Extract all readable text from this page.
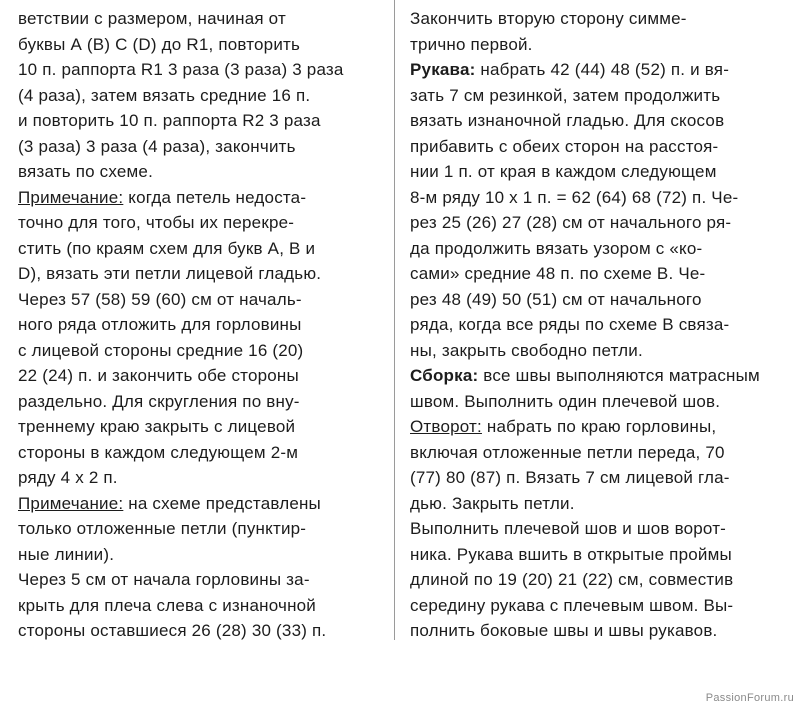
ветствии с размером, начиная от
буквы А (В) С (D) до R1, повторить
10 п. раппорта R1 3 раза (3 раза) 3 раза
(4 раза), затем вязать средние 16 п.
и повторить 10 п. раппорта R2 3 раза
(3 раза) 3 раза (4 раза), закончить
вязать по схеме.
Примечание: когда петель недоста-
точно для того, чтобы их перекре-
стить (по краям схем для букв А, В и
D), вязать эти петли лицевой гладью.
Через 57 (58) 59 (60) см от началь-
ного ряда отложить для горловины
с лицевой стороны средние 16 (20)
22 (24) п. и закончить обе стороны
раздельно. Для скругления по вну-
треннему краю закрыть с лицевой
стороны в каждом следующем 2-м
ряду 4 х 2 п.
Примечание: на схеме представлены
только отложенные петли (пунктир-
ные линии).
Через 5 см от начала горловины за-
крыть для плеча слева с изнаночной
стороны оставшиеся 26 (28) 30 (33) п.
Закончить вторую сторону симме-
трично первой.
Рукава: набрать 42 (44) 48 (52) п. и вя-
зать 7 см резинкой, затем продолжить
вязать изнаночной гладью. Для скосов
прибавить с обеих сторон на расстоя-
нии 1 п. от края в каждом следующем
8-м ряду 10 х 1 п. = 62 (64) 68 (72) п. Че-
рез 25 (26) 27 (28) см от начального ря-
да продолжить вязать узором с «ко-
сами» средние 48 п. по схеме В. Че-
рез 48 (49) 50 (51) см от начального
ряда, когда все ряды по схеме В связа-
ны, закрыть свободно петли.
Сборка: все швы выполняются матрасным
швом. Выполнить один плечевой шов.
Отворот: набрать по краю горловины,
включая отложенные петли переда, 70
(77) 80 (87) п. Вязать 7 см лицевой гла-
дью. Закрыть петли.
Выполнить плечевой шов и шов ворот-
ника. Рукава вшить в открытые проймы
длиной по 19 (20) 21 (22) см, совместив
середину рукава с плечевым швом. Вы-
полнить боковые швы и швы рукавов.
PassionForum.ru
